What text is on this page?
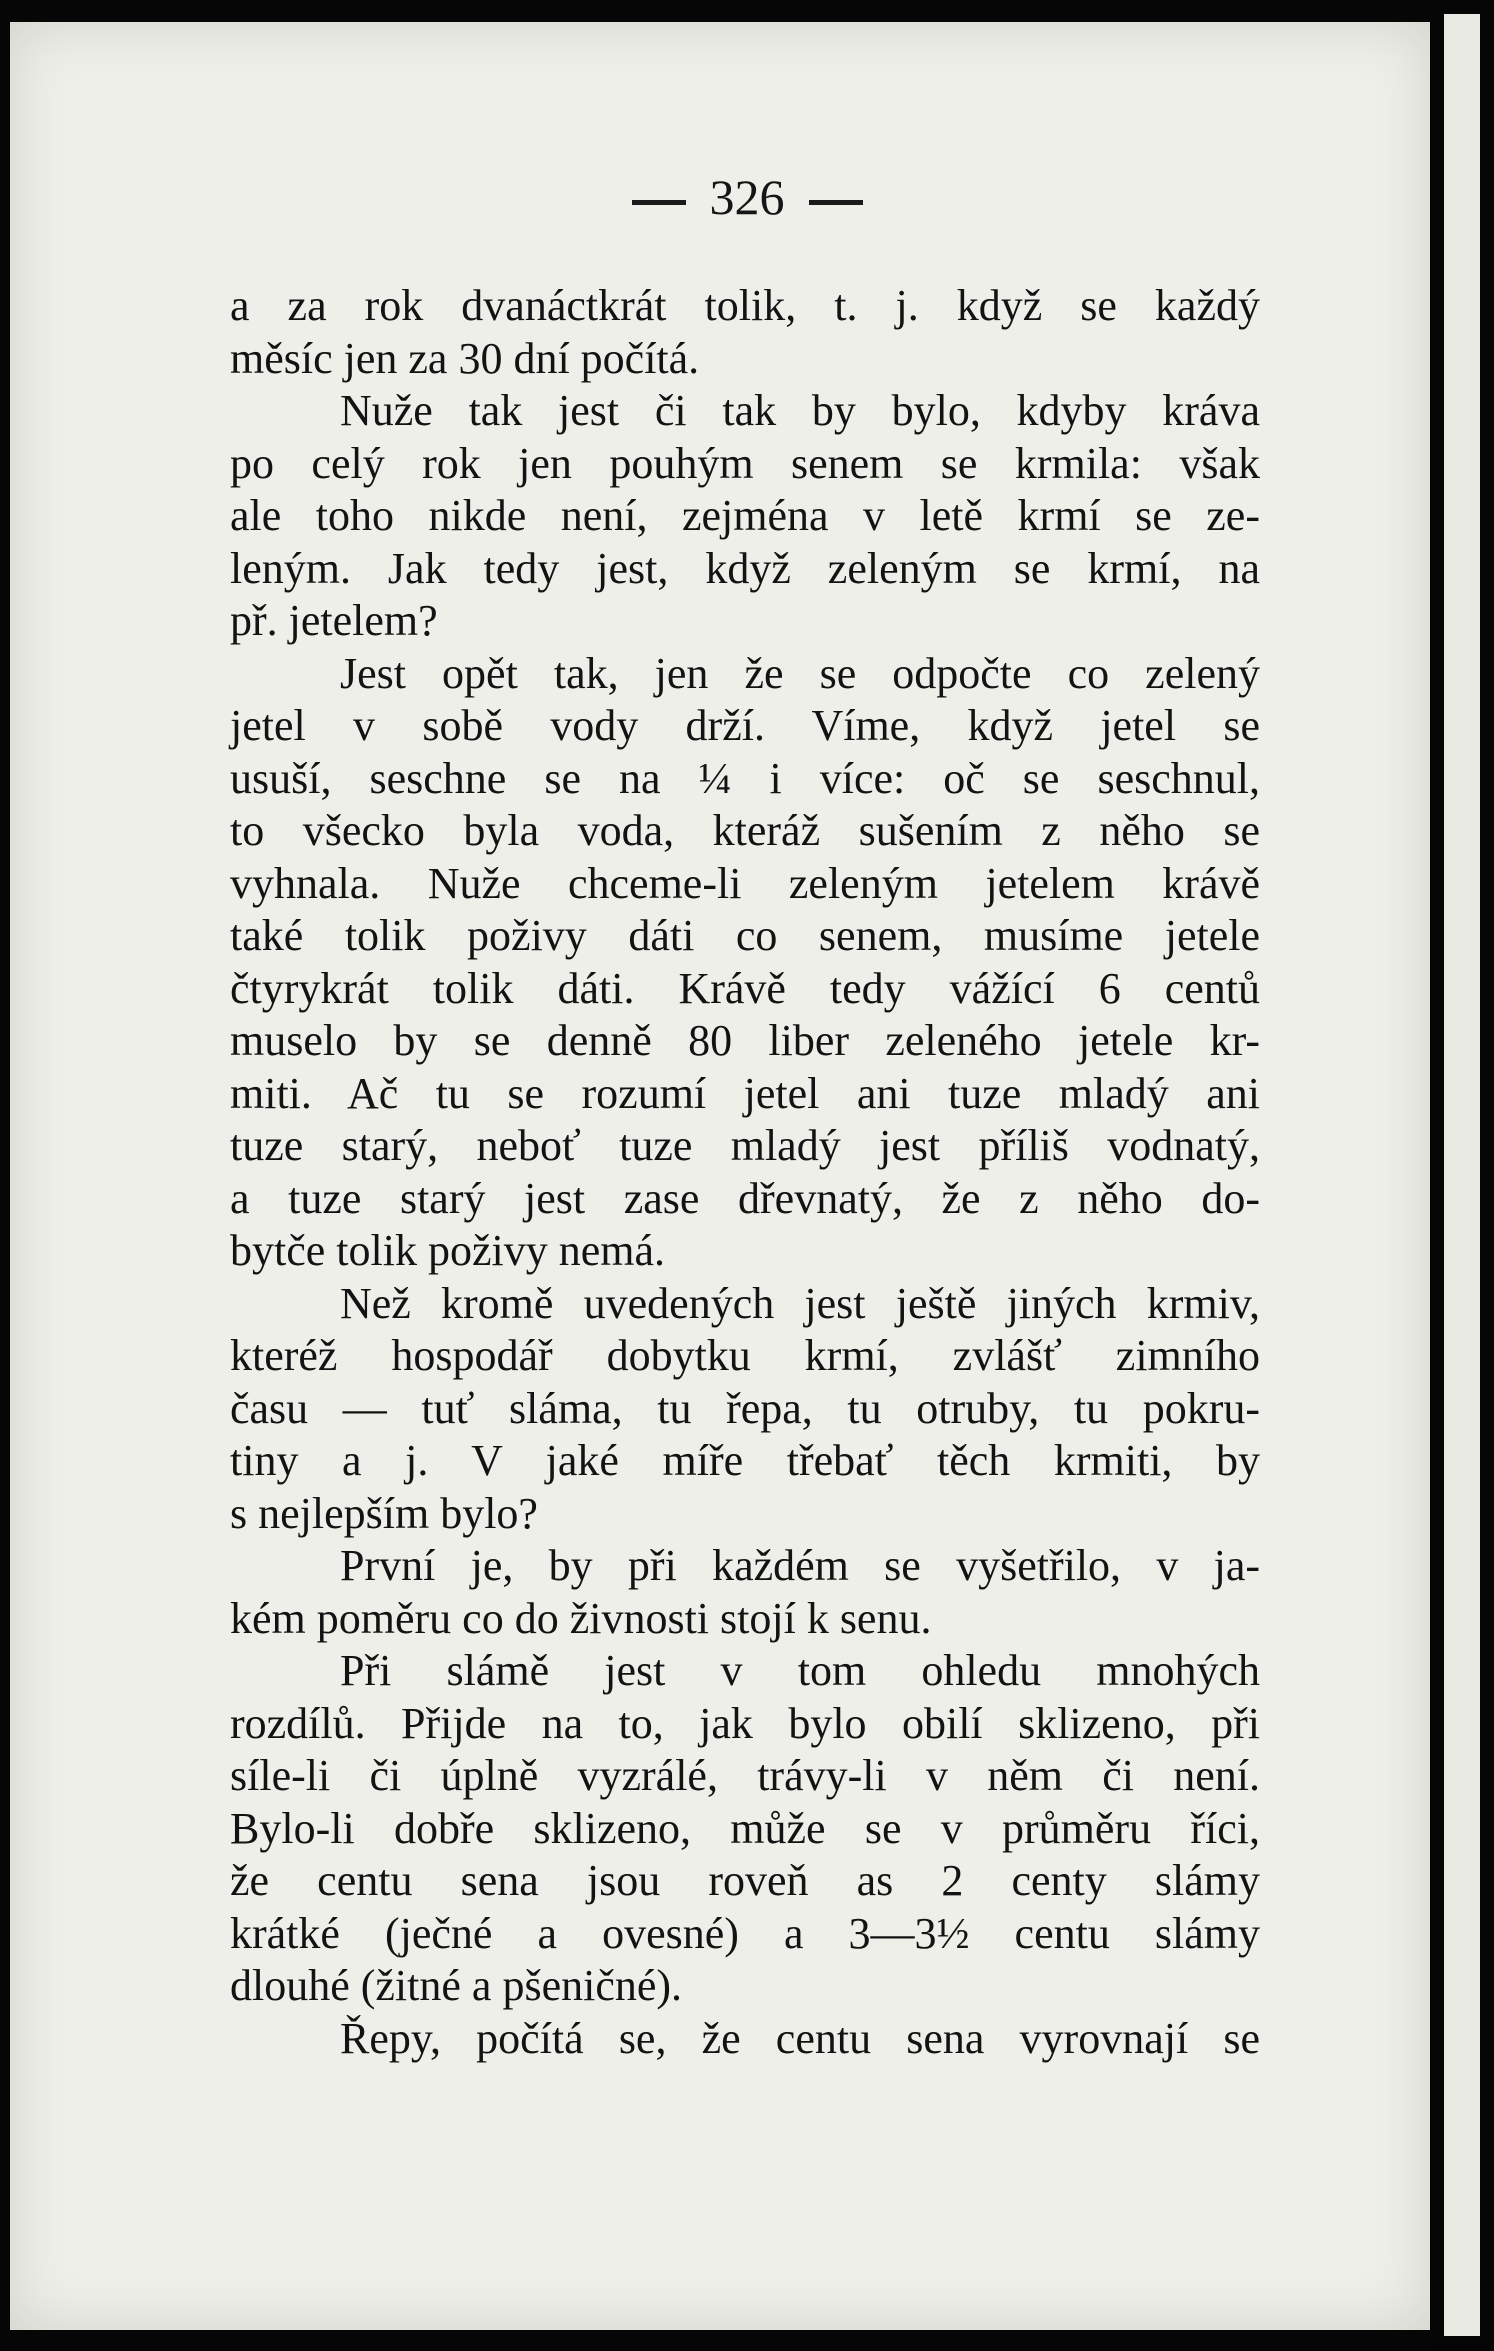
326
a za rok dvanáctkrát tolik, t. j. když se každý
měsíc jen za 30 dní počítá.
Nuže tak jest či tak by bylo, kdyby kráva
po celý rok jen pouhým senem se krmila: však
ale toho nikde není, zejména v letě krmí se ze-
leným. Jak tedy jest, když zeleným se krmí, na
př. jetelem?
Jest opět tak, jen že se odpočte co zelený
jetel v sobě vody drží. Víme, když jetel se
usuší, seschne se na ¼ i více: oč se seschnul,
to všecko byla voda, kteráž sušením z něho se
vyhnala. Nuže chceme-li zeleným jetelem krávě
také tolik poživy dáti co senem, musíme jetele
čtyrykrát tolik dáti. Krávě tedy vážící 6 centů
muselo by se denně 80 liber zeleného jetele kr-
miti. Ač tu se rozumí jetel ani tuze mladý ani
tuze starý, neboť tuze mladý jest příliš vodnatý,
a tuze starý jest zase dřevnatý, že z něho do-
bytče tolik poživy nemá.
Než kromě uvedených jest ještě jiných krmiv,
kteréž hospodář dobytku krmí, zvlášť zimního
času — tuť sláma, tu řepa, tu otruby, tu pokru-
tiny a j. V jaké míře třebať těch krmiti, by
s nejlepším bylo?
První je, by při každém se vyšetřilo, v ja-
kém poměru co do živnosti stojí k senu.
Při slámě jest v tom ohledu mnohých
rozdílů. Přijde na to, jak bylo obilí sklizeno, při
síle-li či úplně vyzrálé, trávy-li v něm či není.
Bylo-li dobře sklizeno, může se v průměru říci,
že centu sena jsou roveň as 2 centy slámy
krátké (ječné a ovesné) a 3—3½ centu slámy
dlouhé (žitné a pšeničné).
Řepy, počítá se, že centu sena vyrovnají se
